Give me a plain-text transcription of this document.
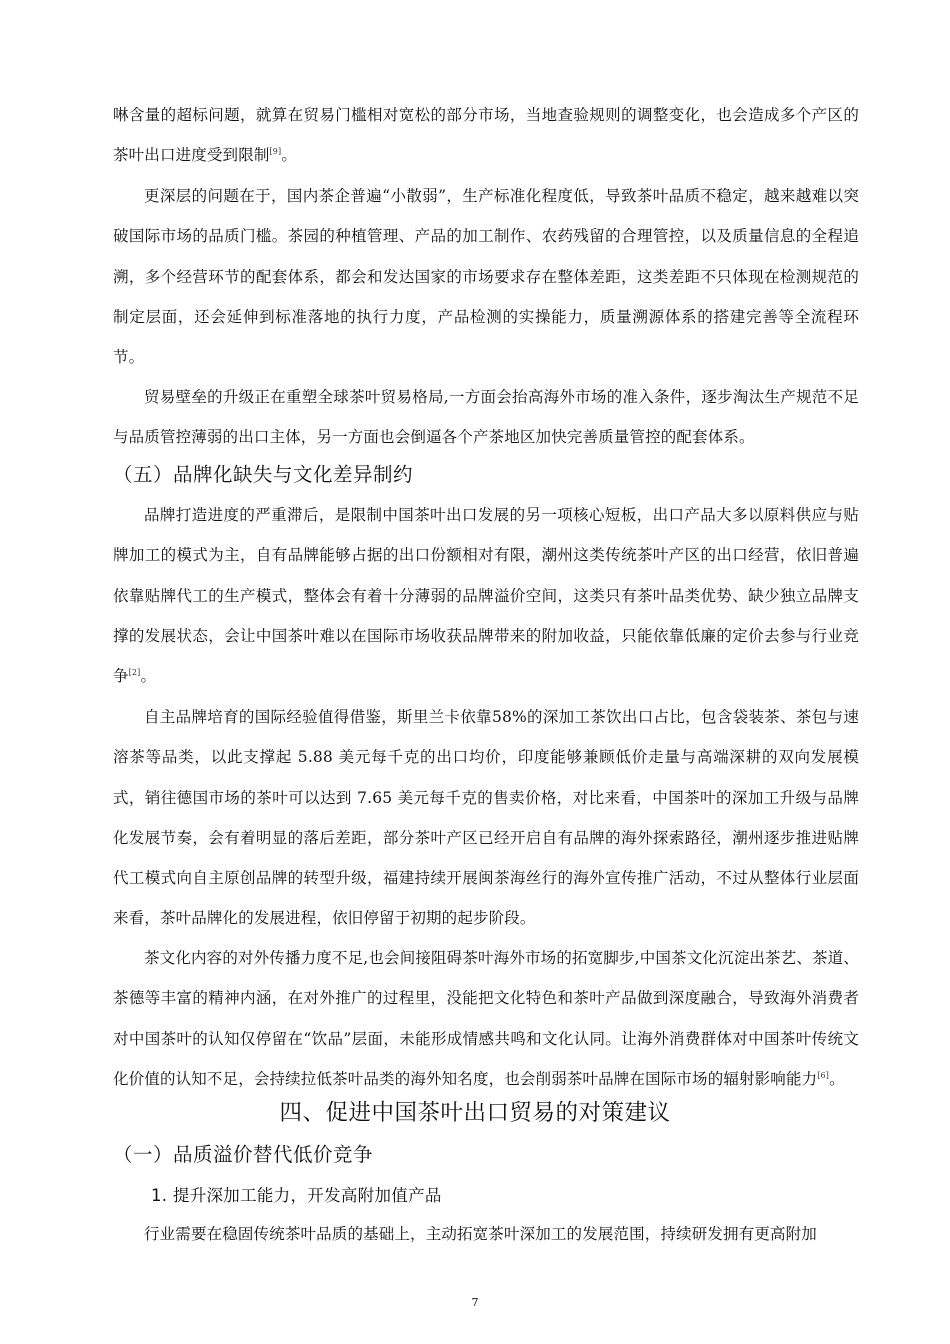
啉含量的超标问题，就算在贸易门槛相对宽松的部分市场，当地查验规则的调整变化，也会造成多个产区的茶叶出口进度受到限制[9]。

更深层的问题在于，国内茶企普遍“小散弱”，生产标准化程度低，导致茶叶品质不稳定，越来越难以突破国际市场的品质门槛。茶园的种植管理、产品的加工制作、农药残留的合理管控，以及质量信息的全程追溯，多个经营环节的配套体系，都会和发达国家的市场要求存在整体差距，这类差距不只体现在检测规范的制定层面，还会延伸到标准落地的执行力度，产品检测的实操能力，质量溯源体系的搭建完善等全流程环节。

贸易壁垒的升级正在重塑全球茶叶贸易格局,一方面会抬高海外市场的准入条件，逐步淘汰生产规范不足与品质管控薄弱的出口主体，另一方面也会倒逼各个产茶地区加快完善质量管控的配套体系。

（五）品牌化缺失与文化差异制约

品牌打造进度的严重滞后，是限制中国茶叶出口发展的另一项核心短板，出口产品大多以原料供应与贴牌加工的模式为主，自有品牌能够占据的出口份额相对有限，潮州这类传统茶叶产区的出口经营，依旧普遍依靠贴牌代工的生产模式，整体会有着十分薄弱的品牌溢价空间，这类只有茶叶品类优势、缺少独立品牌支撑的发展状态，会让中国茶叶难以在国际市场收获品牌带来的附加收益，只能依靠低廉的定价去参与行业竞争[2]。

自主品牌培育的国际经验值得借鉴，斯里兰卡依靠58%的深加工茶饮出口占比，包含袋装茶、茶包与速溶茶等品类，以此支撑起 5.88 美元每千克的出口均价，印度能够兼顾低价走量与高端深耕的双向发展模式，销往德国市场的茶叶可以达到 7.65 美元每千克的售卖价格，对比来看，中国茶叶的深加工升级与品牌化发展节奏，会有着明显的落后差距，部分茶叶产区已经开启自有品牌的海外探索路径，潮州逐步推进贴牌代工模式向自主原创品牌的转型升级，福建持续开展闽茶海丝行的海外宣传推广活动，不过从整体行业层面来看，茶叶品牌化的发展进程，依旧停留于初期的起步阶段。

茶文化内容的对外传播力度不足,也会间接阻碍茶叶海外市场的拓宽脚步,中国茶文化沉淀出茶艺、茶道、茶德等丰富的精神内涵，在对外推广的过程里，没能把文化特色和茶叶产品做到深度融合，导致海外消费者对中国茶叶的认知仅停留在“饮品”层面，未能形成情感共鸣和文化认同。让海外消费群体对中国茶叶传统文化价值的认知不足，会持续拉低茶叶品类的海外知名度，也会削弱茶叶品牌在国际市场的辐射影响能力[6]。

四、促进中国茶叶出口贸易的对策建议
（一）品质溢价替代低价竞争
1. 提升深加工能力，开发高附加值产品

行业需要在稳固传统茶叶品质的基础上，主动拓宽茶叶深加工的发展范围，持续研发拥有更高附加

7
